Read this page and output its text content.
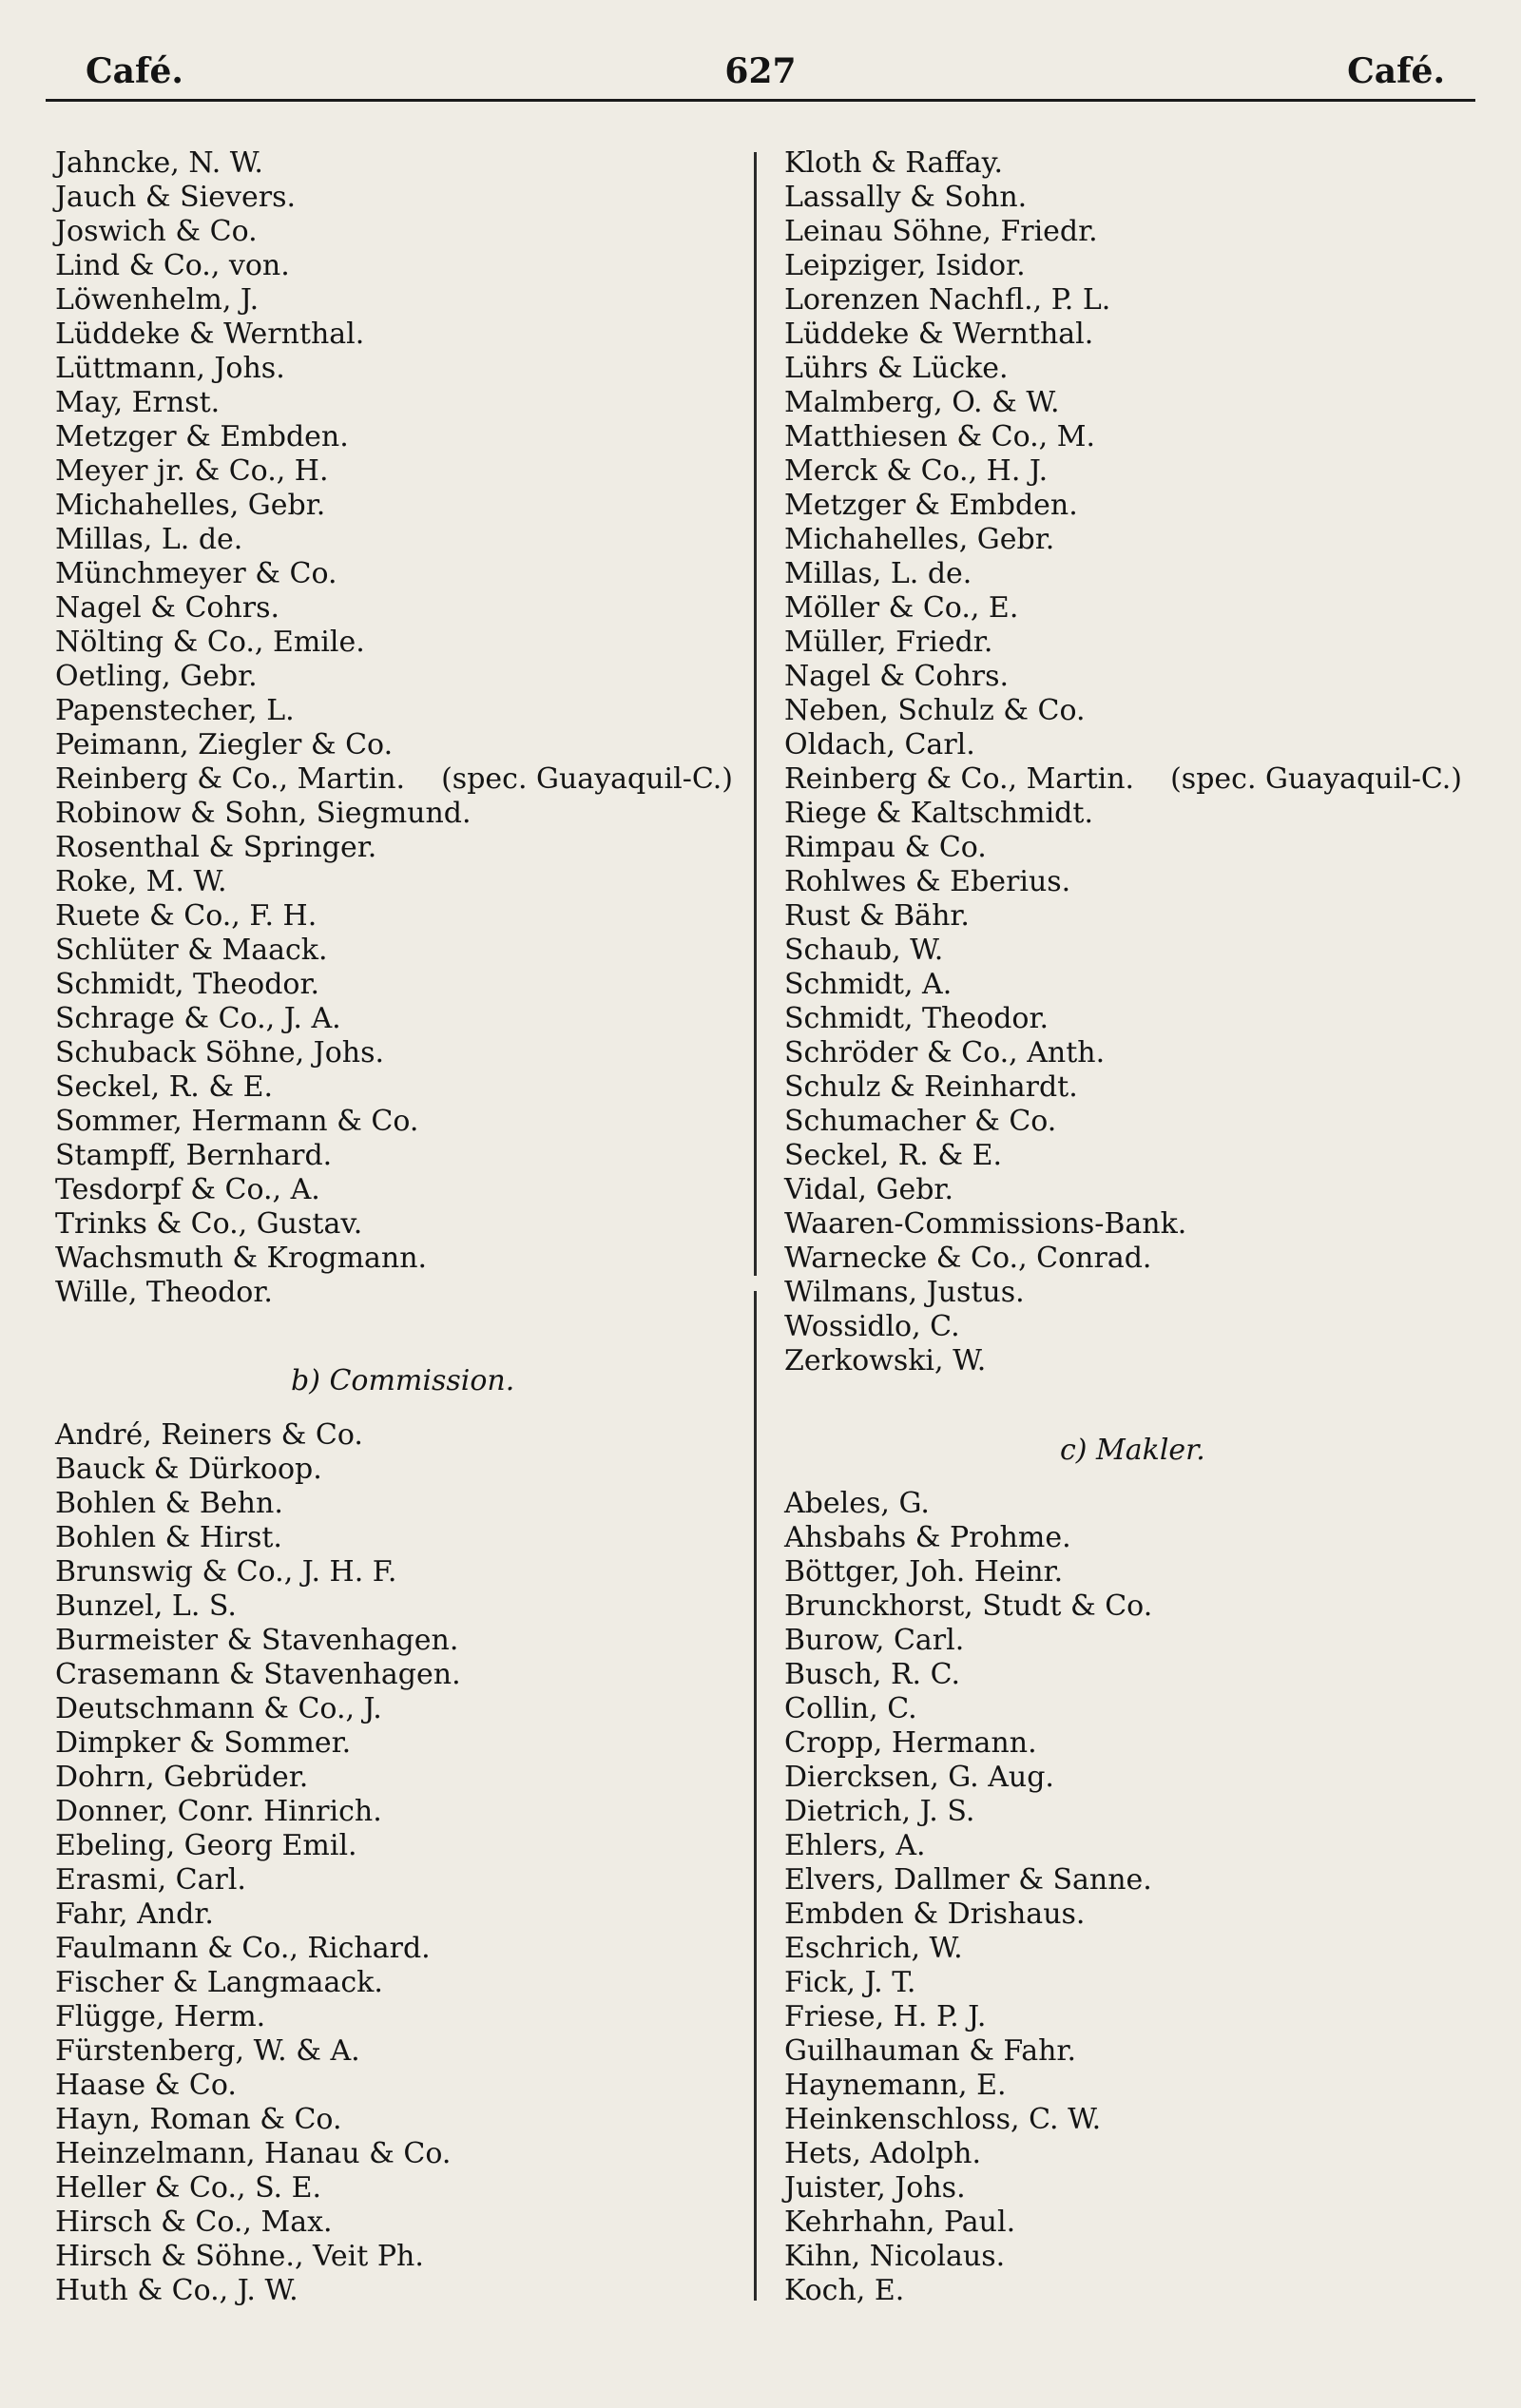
Café.	627	Café.
Jahncke, N. W.
Jauch & Sievers.
Joswich & Co.
Lind & Co., von.
Löwenhelm, J.
Lüddeke & Wernthal.
Lüttmann, Johs.
May, Ernst.
Metzger & Embden.
Meyer jr. & Co., H.
Michahelles, Gebr.
Millas, L. de.
Münchmeyer & Co.
Nagel & Cohrs.
Nölting & Co., Emile.
Oetling, Gebr.
Papenstecher, L.
Peimann, Ziegler & Co.
Reinberg & Co., Martin. (spec. Guayaquil-C.)
Robinow & Sohn, Siegmund.
Rosenthal & Springer.
Roke, M. W.
Ruete & Co., F. H.
Schlüter & Maack.
Schmidt, Theodor.
Schrage & Co., J. A.
Schuback Söhne, Johs.
Seckel, R. & E.
Sommer, Hermann & Co.
Stampff, Bernhard.
Tesdorpf & Co., A.
Trinks & Co., Gustav.
Wachsmuth & Krogmann.
Wille, Theodor.
b) Commission.
André, Reiners & Co.
Bauck & Dürkoop.
Bohlen & Behn.
Bohlen & Hirst.
Brunswig & Co., J. H. F.
Bunzel, L. S.
Burmeister & Stavenhagen.
Crasemann & Stavenhagen.
Deutschmann & Co., J.
Dimpker & Sommer.
Dohrn, Gebrüder.
Donner, Conr. Hinrich.
Ebeling, Georg Emil.
Erasmi, Carl.
Fahr, Andr.
Faulmann & Co., Richard.
Fischer & Langmaack.
Flügge, Herm.
Fürstenberg, W. & A.
Haase & Co.
Hayn, Roman & Co.
Heinzelmann, Hanau & Co.
Heller & Co., S. E.
Hirsch & Co., Max.
Hirsch & Söhne., Veit Ph.
Huth & Co., J. W.
Kloth & Raffay.
Lassally & Sohn.
Leinau Söhne, Friedr.
Leipziger, Isidor.
Lorenzen Nachfl., P. L.
Lüddeke & Wernthal.
Lührs & Lücke.
Malmberg, O. & W.
Matthiesen & Co., M.
Merck & Co., H. J.
Metzger & Embden.
Michahelles, Gebr.
Millas, L. de.
Möller & Co., E.
Müller, Friedr.
Nagel & Cohrs.
Neben, Schulz & Co.
Oldach, Carl.
Reinberg & Co., Martin. (spec. Guayaquil-C.)
Riege & Kaltschmidt.
Rimpau & Co.
Rohlwes & Eberius.
Rust & Bähr.
Schaub, W.
Schmidt, A.
Schmidt, Theodor.
Schröder & Co., Anth.
Schulz & Reinhardt.
Schumacher & Co.
Seckel, R. & E.
Vidal, Gebr.
Waaren-Commissions-Bank.
Warnecke & Co., Conrad.
Wilmans, Justus.
Wossidlo, C.
Zerkowski, W.
c) Makler.
Abeles, G.
Ahsbahs & Prohme.
Böttger, Joh. Heinr.
Brunckhorst, Studt & Co.
Burow, Carl.
Busch, R. C.
Collin, C.
Cropp, Hermann.
Diercksen, G. Aug.
Dietrich, J. S.
Ehlers, A.
Elvers, Dallmer & Sanne.
Embden & Drishaus.
Eschrich, W.
Fick, J. T.
Friese, H. P. J.
Guilhauman & Fahr.
Haynemann, E.
Heinkenschloss, C. W.
Hets, Adolph.
Juister, Johs.
Kehrhahn, Paul.
Kihn, Nicolaus.
Koch, E.
